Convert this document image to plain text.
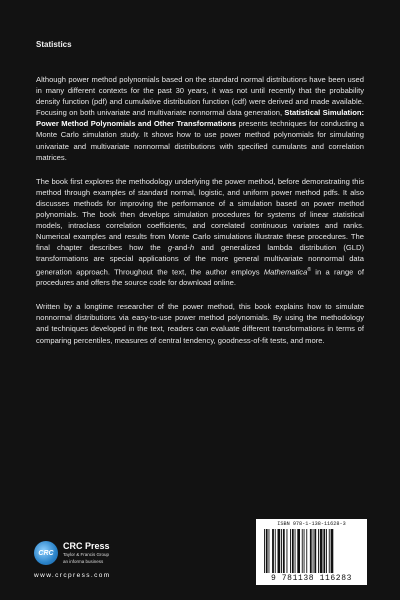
Statistics

Although power method polynomials based on the standard normal distributions have been used in many different contexts for the past 30 years, it was not until recently that the probability density function (pdf) and cumulative distribution function (cdf) were derived and made available. Focusing on both univariate and multivariate nonnormal data generation, Statistical Simulation: Power Method Polynomials and Other Transformations presents techniques for conducting a Monte Carlo simulation study. It shows how to use power method polynomials for simulating univariate and multivariate nonnormal distributions with specified cumulants and correlation matrices.

The book first explores the methodology underlying the power method, before demonstrating this method through examples of standard normal, logistic, and uniform power method pdfs. It also discusses methods for improving the performance of a simulation based on power method polynomials. The book then develops simulation procedures for systems of linear statistical models, intraclass correlation coefficients, and correlated continuous variates and ranks. Numerical examples and results from Monte Carlo simulations illustrate these procedures. The final chapter describes how the g-and-h and generalized lambda distribution (GLD) transformations are special applications of the more general multivariate nonnormal data generation approach. Throughout the text, the author employs Mathematica® in a range of procedures and offers the source code for download online.

Written by a longtime researcher of the power method, this book explains how to simulate nonnormal distributions via easy-to-use power method polynomials. By using the methodology and techniques developed in the text, readers can evaluate different transformations in terms of comparing percentiles, measures of central tendency, goodness-of-fit tests, and more.

CRC
CRC Press
Taylor & Francis Group
an informa business
www.crcpress.com
ISBN 978-1-138-11628-3
9 781138 116283
